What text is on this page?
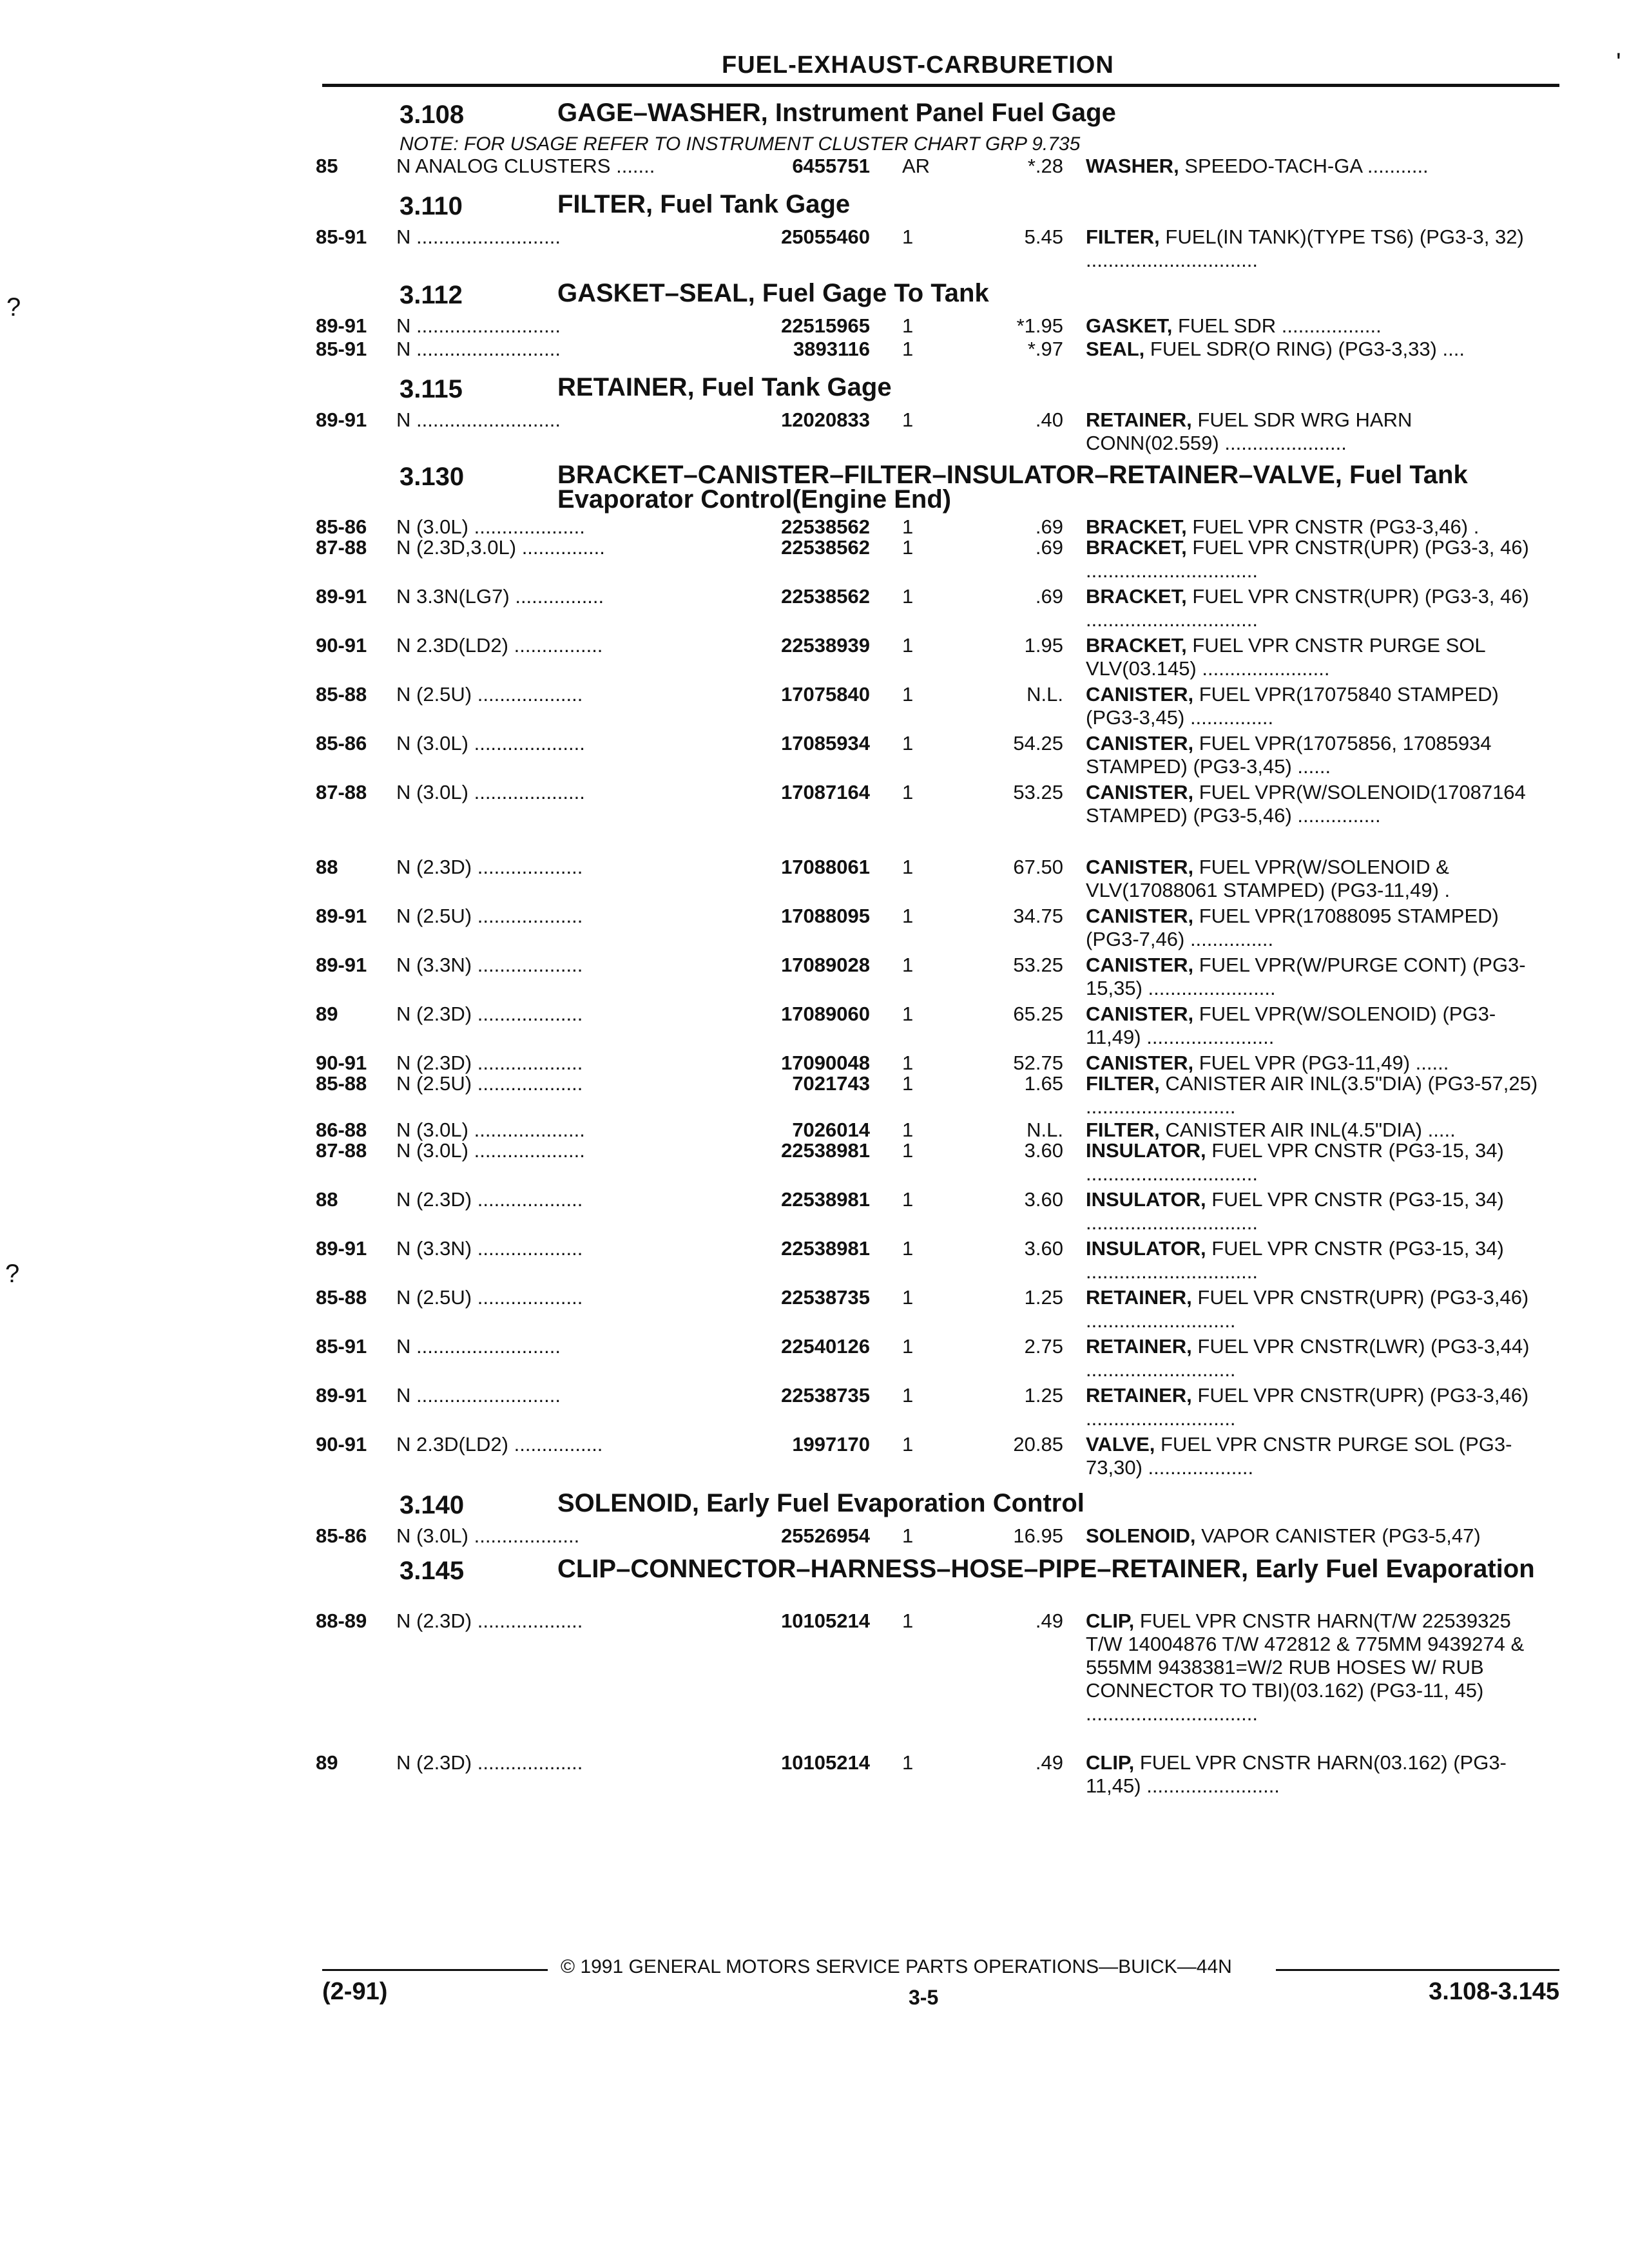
FUEL-EXHAUST-CARBURETION
?
?
'
3.108	GAGE–WASHER, Instrument Panel Fuel Gage
NOTE: FOR USAGE REFER TO INSTRUMENT CLUSTER CHART GRP 9.735
85	N ANALOG CLUSTERS .......	6455751 AR	*.28 WASHER, SPEEDO-TACH-GA ...........
3.110	FILTER, Fuel Tank Gage
85-91 N ..........................	25055460 1	5.45 FILTER, FUEL(IN TANK)(TYPE TS6) (PG3-3, 32) ...............................
3.112	GASKET–SEAL, Fuel Gage To Tank
89-91 N ..........................	22515965 1	*1.95 GASKET, FUEL SDR ..................
85-91 N ..........................	3893116 1	*.97 SEAL, FUEL SDR(O RING) (PG3-3,33) ....
3.115	RETAINER, Fuel Tank Gage
89-91 N ..........................	12020833 1	.40 RETAINER, FUEL SDR WRG HARN CONN(02.559) ......................
3.130	BRACKET–CANISTER–FILTER–INSULATOR–RETAINER–VALVE, Fuel Tank Evaporator Control(Engine End)
85-86 N (3.0L) ....................	22538562 1	.69 BRACKET, FUEL VPR CNSTR (PG3-3,46) .
87-88 N (2.3D,3.0L) ...............	22538562 1	.69 BRACKET, FUEL VPR CNSTR(UPR) (PG3-3, 46) ...............................
89-91 N 3.3N(LG7) ................	22538562 1	.69 BRACKET, FUEL VPR CNSTR(UPR) (PG3-3, 46) ...............................
90-91 N 2.3D(LD2) ................	22538939 1	1.95 BRACKET, FUEL VPR CNSTR PURGE SOL VLV(03.145) .......................
85-88 N (2.5U) ...................	17075840 1	N.L. CANISTER, FUEL VPR(17075840 STAMPED) (PG3-3,45) ...............
85-86 N (3.0L) ....................	17085934 1	54.25 CANISTER, FUEL VPR(17075856, 17085934 STAMPED) (PG3-3,45) ......
87-88 N (3.0L) ....................	17087164 1	53.25 CANISTER, FUEL VPR(W/SOLENOID(17087164 STAMPED) (PG3-5,46) ...............
88	N (2.3D) ...................	17088061 1	67.50 CANISTER, FUEL VPR(W/SOLENOID & VLV(17088061 STAMPED) (PG3-11,49) .
89-91 N (2.5U) ...................	17088095 1	34.75 CANISTER, FUEL VPR(17088095 STAMPED) (PG3-7,46) ...............
89-91 N (3.3N) ...................	17089028 1	53.25 CANISTER, FUEL VPR(W/PURGE CONT) (PG3-15,35) .......................
89	N (2.3D) ...................	17089060 1	65.25 CANISTER, FUEL VPR(W/SOLENOID) (PG3-11,49) .......................
90-91 N (2.3D) ...................	17090048 1	52.75 CANISTER, FUEL VPR (PG3-11,49) ......
85-88 N (2.5U) ...................	7021743 1	1.65 FILTER, CANISTER AIR INL(3.5"DIA) (PG3-57,25) ...........................
86-88 N (3.0L) ....................	7026014 1	N.L. FILTER, CANISTER AIR INL(4.5"DIA) .....
87-88 N (3.0L) ....................	22538981 1	3.60 INSULATOR, FUEL VPR CNSTR (PG3-15, 34) ...............................
88	N (2.3D) ...................	22538981 1	3.60 INSULATOR, FUEL VPR CNSTR (PG3-15, 34) ...............................
89-91 N (3.3N) ...................	22538981 1	3.60 INSULATOR, FUEL VPR CNSTR (PG3-15, 34) ...............................
85-88 N (2.5U) ...................	22538735 1	1.25 RETAINER, FUEL VPR CNSTR(UPR) (PG3-3,46) ...........................
85-91 N ..........................	22540126 1	2.75 RETAINER, FUEL VPR CNSTR(LWR) (PG3-3,44) ...........................
89-91 N ..........................	22538735 1	1.25 RETAINER, FUEL VPR CNSTR(UPR) (PG3-3,46) ...........................
90-91 N 2.3D(LD2) ................	1997170 1	20.85 VALVE, FUEL VPR CNSTR PURGE SOL (PG3-73,30) ...................
3.140	SOLENOID, Early Fuel Evaporation Control
85-86 N (3.0L) ...................	25526954 1	16.95 SOLENOID, VAPOR CANISTER (PG3-5,47)
3.145	CLIP–CONNECTOR–HARNESS–HOSE–PIPE–RETAINER, Early Fuel Evaporation
88-89 N (2.3D) ...................	10105214 1	.49 CLIP, FUEL VPR CNSTR HARN(T/W 22539325 T/W 14004876 T/W 472812 & 775MM 9439274 & 555MM 9438381=W/2 RUB HOSES W/ RUB CONNECTOR TO TBI)(03.162) (PG3-11, 45) ...............................
89	N (2.3D) ...................	10105214 1	.49 CLIP, FUEL VPR CNSTR HARN(03.162) (PG3-11,45) ........................
© 1991 GENERAL MOTORS SERVICE PARTS OPERATIONS—BUICK—44N
(2-91)	3-5	3.108-3.145
